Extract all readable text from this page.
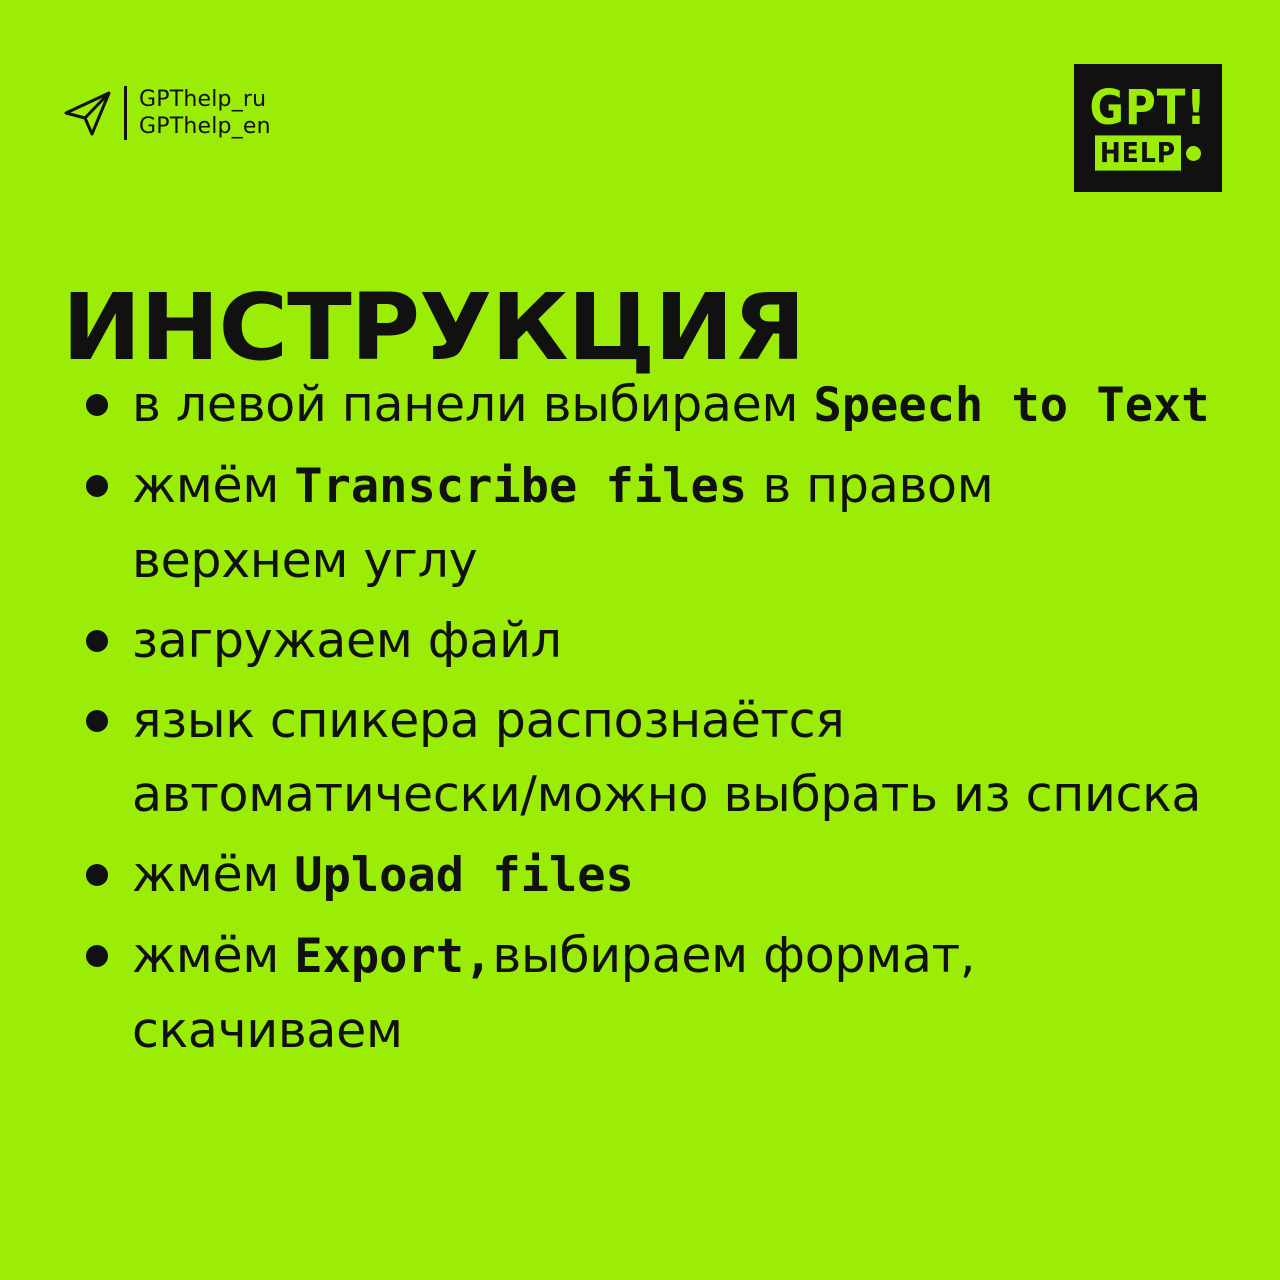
GPThelp_ru
GPThelp_en	GPT!
HELP
ИНСТРУКЦИЯ
в левой панели выбираем Speech to Text
жмём Transcribe files в правом верхнем углу
загружаем файл
язык спикера распознаётся автоматически/можно выбрать из списка
жмём Upload files
жмём Export,выбираем формат, скачиваем
